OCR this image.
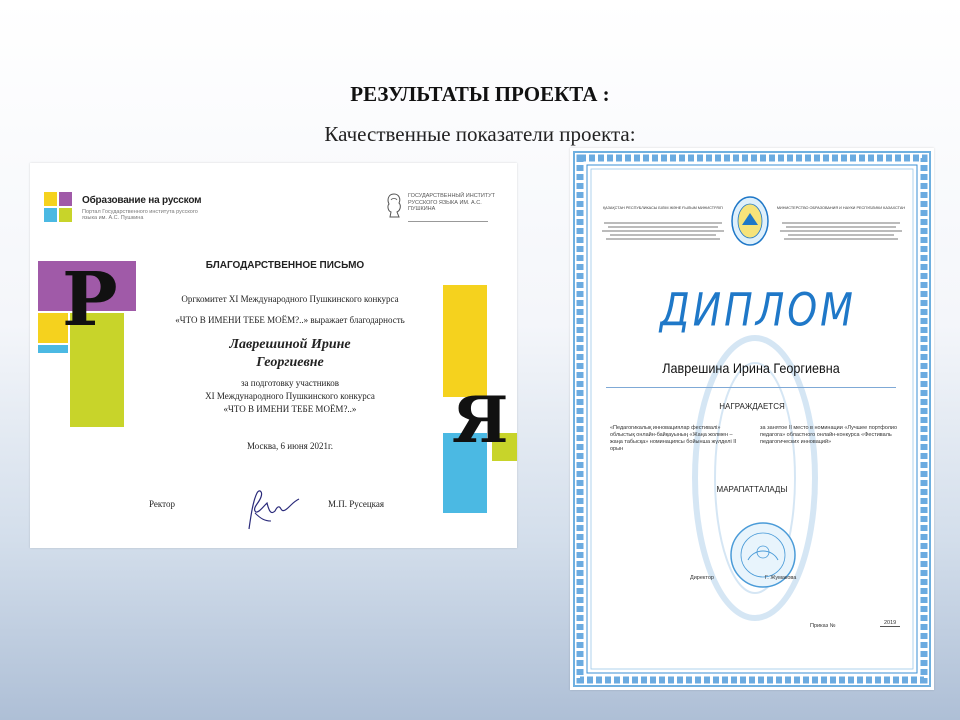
РЕЗУЛЬТАТЫ ПРОЕКТА :
Качественные показатели проекта:
Образование на русском
Портал Государственного института русского языка им. А.С. Пушкина
ГОСУДАРСТВЕННЫЙ ИНСТИТУТ РУССКОГО ЯЗЫКА ИМ. А.С. ПУШКИНА
Р
Я
БЛАГОДАРСТВЕННОЕ ПИСЬМО
Оргкомитет XI Международного Пушкинского конкурса
«ЧТО В ИМЕНИ ТЕБЕ МОЁМ?..» выражает благодарность
Лаврешиной Ирине
Георгиевне
за подготовку участников
XI Международного Пушкинского конкурса
«ЧТО В ИМЕНИ ТЕБЕ МОЁМ?..»
Москва, 6 июня 2021г.
Ректор	М.П. Русецкая
ҚАЗАҚСТАН РЕСПУБЛИКАСЫ БІЛІМ ЖӘНЕ ҒЫЛЫМ МИНИСТРЛІГІ	МИНИСТЕРСТВО ОБРАЗОВАНИЯ И НАУКИ РЕСПУБЛИКИ КАЗАХСТАН
ДИПЛОМ
Лаврешина Ирина Георгиевна
НАГРАЖДАЕТСЯ
«Педагогикалық инновациялар фестивалі» облыстық онлайн-байқауының «Жаңа жолмен – жаңа табысқа» номинациясы бойынша жүлделі II орын
за занятое II место в номинации «Лучшее портфолио педагога» областного онлайн-конкурса «Фестиваль педагогических инноваций»
МАРАПАТТАЛАДЫ
Директор	Г. Жумакова
Приказ №	2019
